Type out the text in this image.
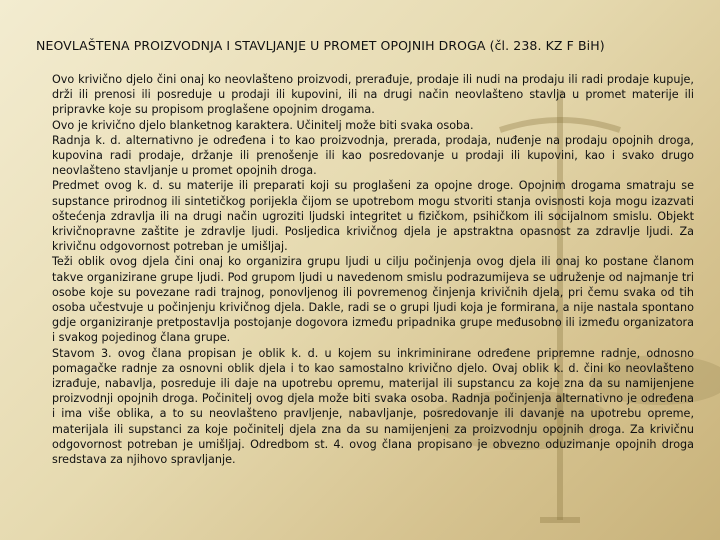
NEOVLAŠTENA PROIZVODNJA I STAVLJANJE U PROMET OPOJNIH DROGA (čl. 238. KZ F BiH)

Ovo krivično djelo čini onaj ko neovlašteno proizvodi, prerađuje, prodaje ili nudi na prodaju ili radi prodaje kupuje, drži ili prenosi ili posreduje u prodaji ili kupovini, ili na drugi način neovlašteno stavlja u promet materije ili pripravke koje su propisom proglašene opojnim drogama.

Ovo je krivično djelo blanketnog karaktera. Učinitelj može biti svaka osoba.

Radnja k. d. alternativno je određena i to kao proizvodnja, prerada, prodaja, nuđenje na prodaju opojnih droga, kupovina radi prodaje, držanje ili prenošenje ili kao posredovanje u prodaji ili kupovini, kao i svako drugo neovlašteno stavljanje u promet opojnih droga.

Predmet ovog k. d. su materije ili preparati koji su proglašeni za opojne droge. Opojnim drogama smatraju se supstance prirodnog ili sintetičkog porijekla čijom se upotrebom mogu stvoriti stanja ovisnosti koja mogu izazvati oštećenja zdravlja ili na drugi način ugroziti ljudski integritet u fizičkom, psihičkom ili socijalnom smislu. Objekt krivičnopravne zaštite je zdravlje ljudi. Posljedica krivičnog djela je apstraktna opasnost za zdravlje ljudi. Za krivičnu odgovornost potreban je umišljaj.

Teži oblik ovog djela čini onaj ko organizira grupu ljudi u cilju počinjenja ovog djela ili onaj ko postane članom takve organizirane grupe ljudi. Pod grupom ljudi u navedenom smislu podrazumijeva se udruženje od najmanje tri osobe koje su povezane radi trajnog, ponovljenog ili povremenog činjenja krivičnih djela, pri čemu svaka od tih osoba učestvuje u počinjenju krivičnog djela. Dakle, radi se o grupi ljudi koja je formirana, a nije nastala spontano gdje organiziranje pretpostavlja postojanje dogovora između pripadnika grupe međusobno ili između organizatora i svakog pojedinog člana grupe.

Stavom 3. ovog člana propisan je oblik k. d. u kojem su inkriminirane određene pripremne radnje, odnosno pomagačke radnje za osnovni oblik djela i to kao samostalno krivično djelo. Ovaj oblik k. d. čini ko neovlašteno izrađuje, nabavlja, posreduje ili daje na upotrebu opremu, materijal ili supstancu za koje zna da su namijenjene proizvodnji opojnih droga. Počinitelj ovog djela može biti svaka osoba. Radnja počinjenja alternativno je određena i ima više oblika, a to su neovlašteno pravljenje, nabavljanje, posredovanje ili davanje na upotrebu opreme, materijala ili supstanci za koje počinitelj djela zna da su namijenjeni za proizvodnju opojnih droga. Za krivičnu odgovornost potreban je umišljaj. Odredbom st. 4. ovog člana propisano je obvezno oduzimanje opojnih droga sredstava za njihovo spravljanje.
